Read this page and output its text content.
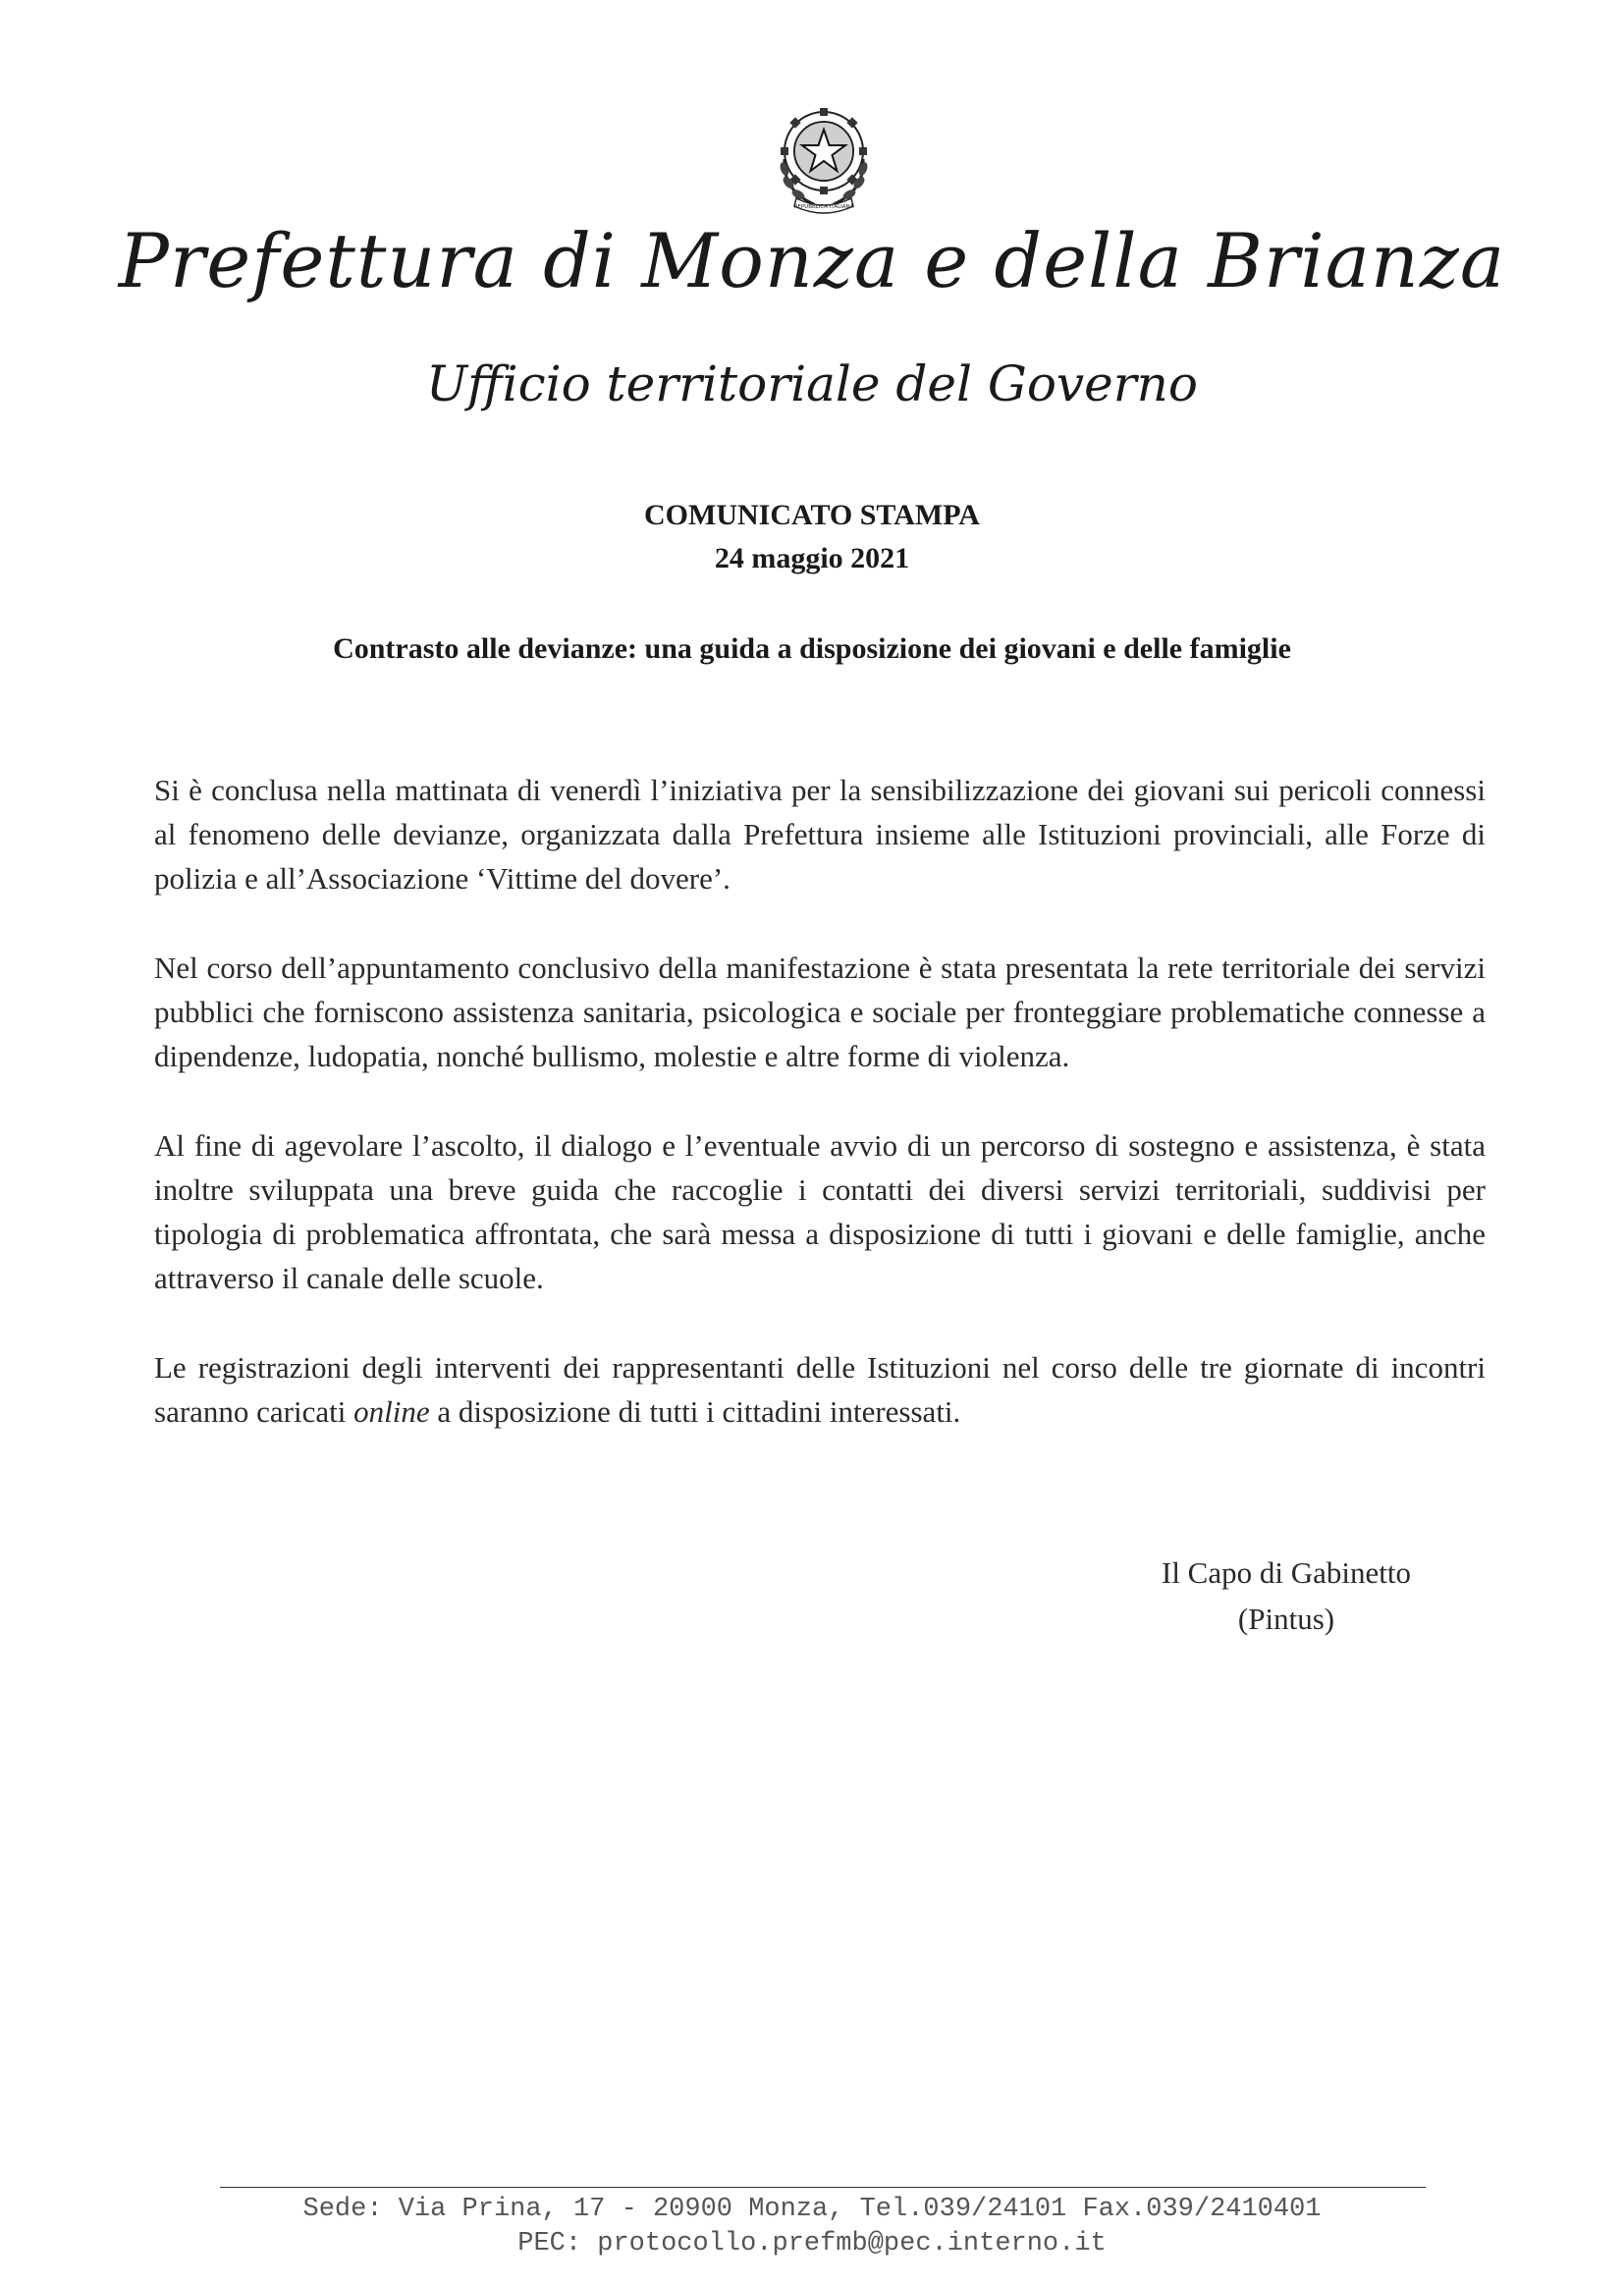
REPUBBLICA ITALIANA
Prefettura di Monza e della Brianza
Ufficio territoriale del Governo
COMUNICATO STAMPA
24 maggio 2021
Contrasto alle devianze: una guida a disposizione dei giovani e delle famiglie

Si è conclusa nella mattinata di venerdì l’iniziativa per la sensibilizzazione dei giovani sui pericoli connessi al fenomeno delle devianze, organizzata dalla Prefettura insieme alle Istituzioni provinciali, alle Forze di polizia e all’Associazione ‘Vittime del dovere’.

Nel corso dell’appuntamento conclusivo della manifestazione è stata presentata la rete territoriale dei servizi pubblici che forniscono assistenza sanitaria, psicologica e sociale per fronteggiare problematiche connesse a dipendenze, ludopatia, nonché bullismo, molestie e altre forme di violenza.

Al fine di agevolare l’ascolto, il dialogo e l’eventuale avvio di un percorso di sostegno e assistenza, è stata inoltre sviluppata una breve guida che raccoglie i contatti dei diversi servizi territoriali, suddivisi per tipologia di problematica affrontata, che sarà messa a disposizione di tutti i giovani e delle famiglie, anche attraverso il canale delle scuole.

Le registrazioni degli interventi dei rappresentanti delle Istituzioni nel corso delle tre giornate di incontri saranno caricati online a disposizione di tutti i cittadini interessati.

Il Capo di Gabinetto
(Pintus)
Sede: Via Prina, 17 - 20900 Monza, Tel.039/24101 Fax.039/2410401
PEC: protocollo.prefmb@pec.interno.it
